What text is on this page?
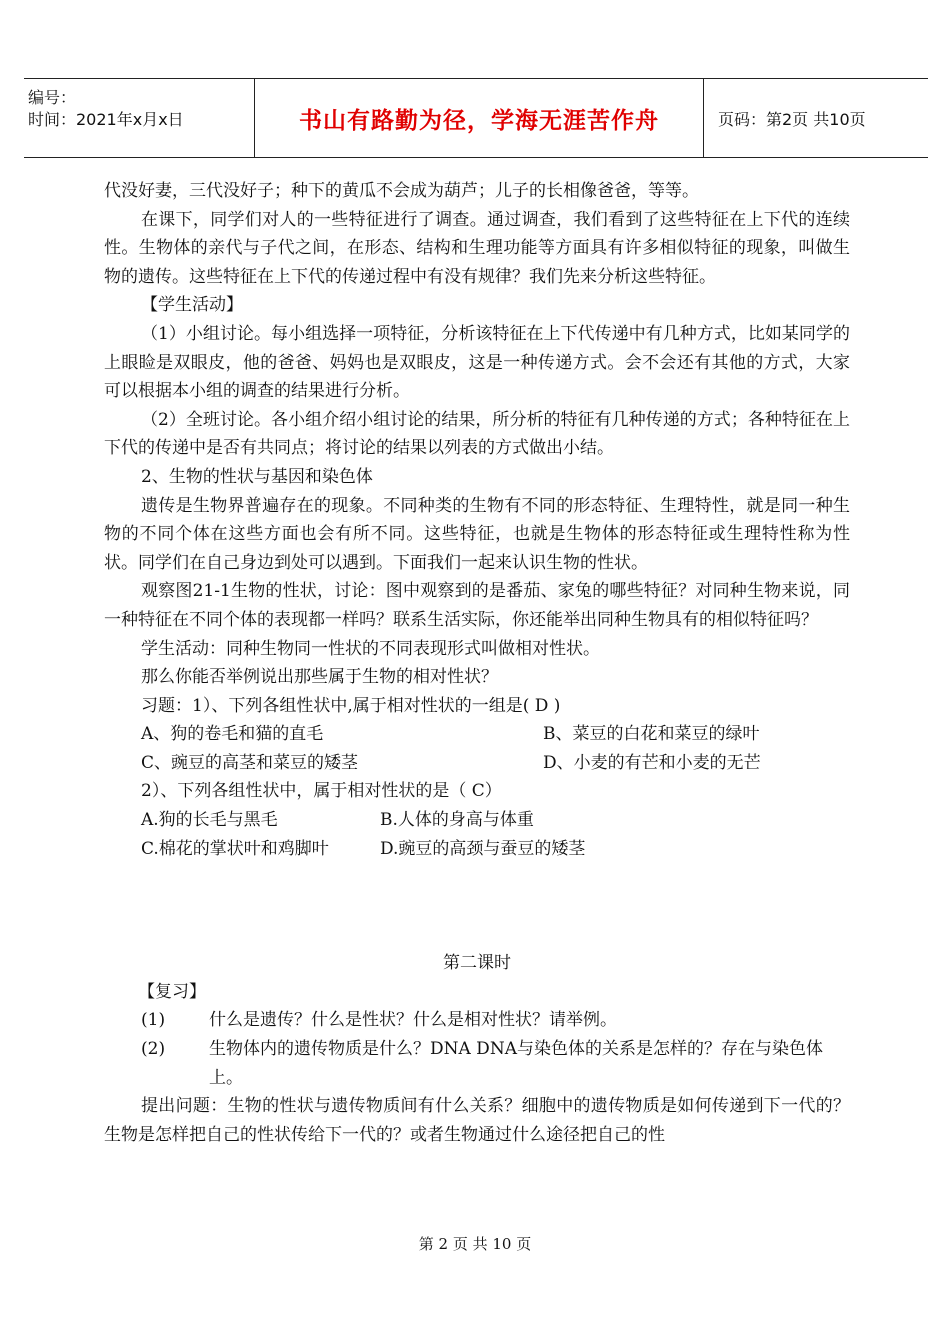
编号：
时间：2021年x月x日	书山有路勤为径，学海无涯苦作舟	页码：第2页 共10页

代没好妻，三代没好子；种下的黄瓜不会成为葫芦；儿子的长相像爸爸，等等。

在课下，同学们对人的一些特征进行了调查。通过调查，我们看到了这些特征在上下代的连续性。生物体的亲代与子代之间，在形态、结构和生理功能等方面具有许多相似特征的现象，叫做生物的遗传。这些特征在上下代的传递过程中有没有规律？我们先来分析这些特征。

【学生活动】

（1）小组讨论。每小组选择一项特征，分析该特征在上下代传递中有几种方式，比如某同学的上眼睑是双眼皮，他的爸爸、妈妈也是双眼皮，这是一种传递方式。会不会还有其他的方式，大家可以根据本小组的调查的结果进行分析。

（2）全班讨论。各小组介绍小组讨论的结果，所分析的特征有几种传递的方式；各种特征在上下代的传递中是否有共同点；将讨论的结果以列表的方式做出小结。

2、生物的性状与基因和染色体

遗传是生物界普遍存在的现象。不同种类的生物有不同的形态特征、生理特性，就是同一种生物的不同个体在这些方面也会有所不同。这些特征，也就是生物体的形态特征或生理特性称为性状。同学们在自己身边到处可以遇到。下面我们一起来认识生物的性状。

观察图21-1生物的性状，讨论：图中观察到的是番茄、家兔的哪些特征？对同种生物来说，同一种特征在不同个体的表现都一样吗？联系生活实际，你还能举出同种生物具有的相似特征吗？

学生活动：同种生物同一性状的不同表现形式叫做相对性状。

那么你能否举例说出那些属于生物的相对性状？

习题：1）、下列各组性状中,属于相对性状的一组是( D )

A、狗的卷毛和猫的直毛	B、菜豆的白花和菜豆的绿叶
C、豌豆的高茎和菜豆的矮茎	D、小麦的有芒和小麦的无芒

2）、下列各组性状中，属于相对性状的是（ C）

A.狗的长毛与黑毛	B.人体的身高与体重
C.棉花的掌状叶和鸡脚叶	D.豌豆的高颈与蚕豆的矮茎
第二课时

【复习】

(1)	什么是遗传？什么是性状？什么是相对性状？请举例。
(2)	生物体内的遗传物质是什么？DNA DNA与染色体的关系是怎样的？存在与染色体上。

提出问题：生物的性状与遗传物质间有什么关系？细胞中的遗传物质是如何传递到下一代的？生物是怎样把自己的性状传给下一代的？或者生物通过什么途径把自己的性

第 2 页 共 10 页
